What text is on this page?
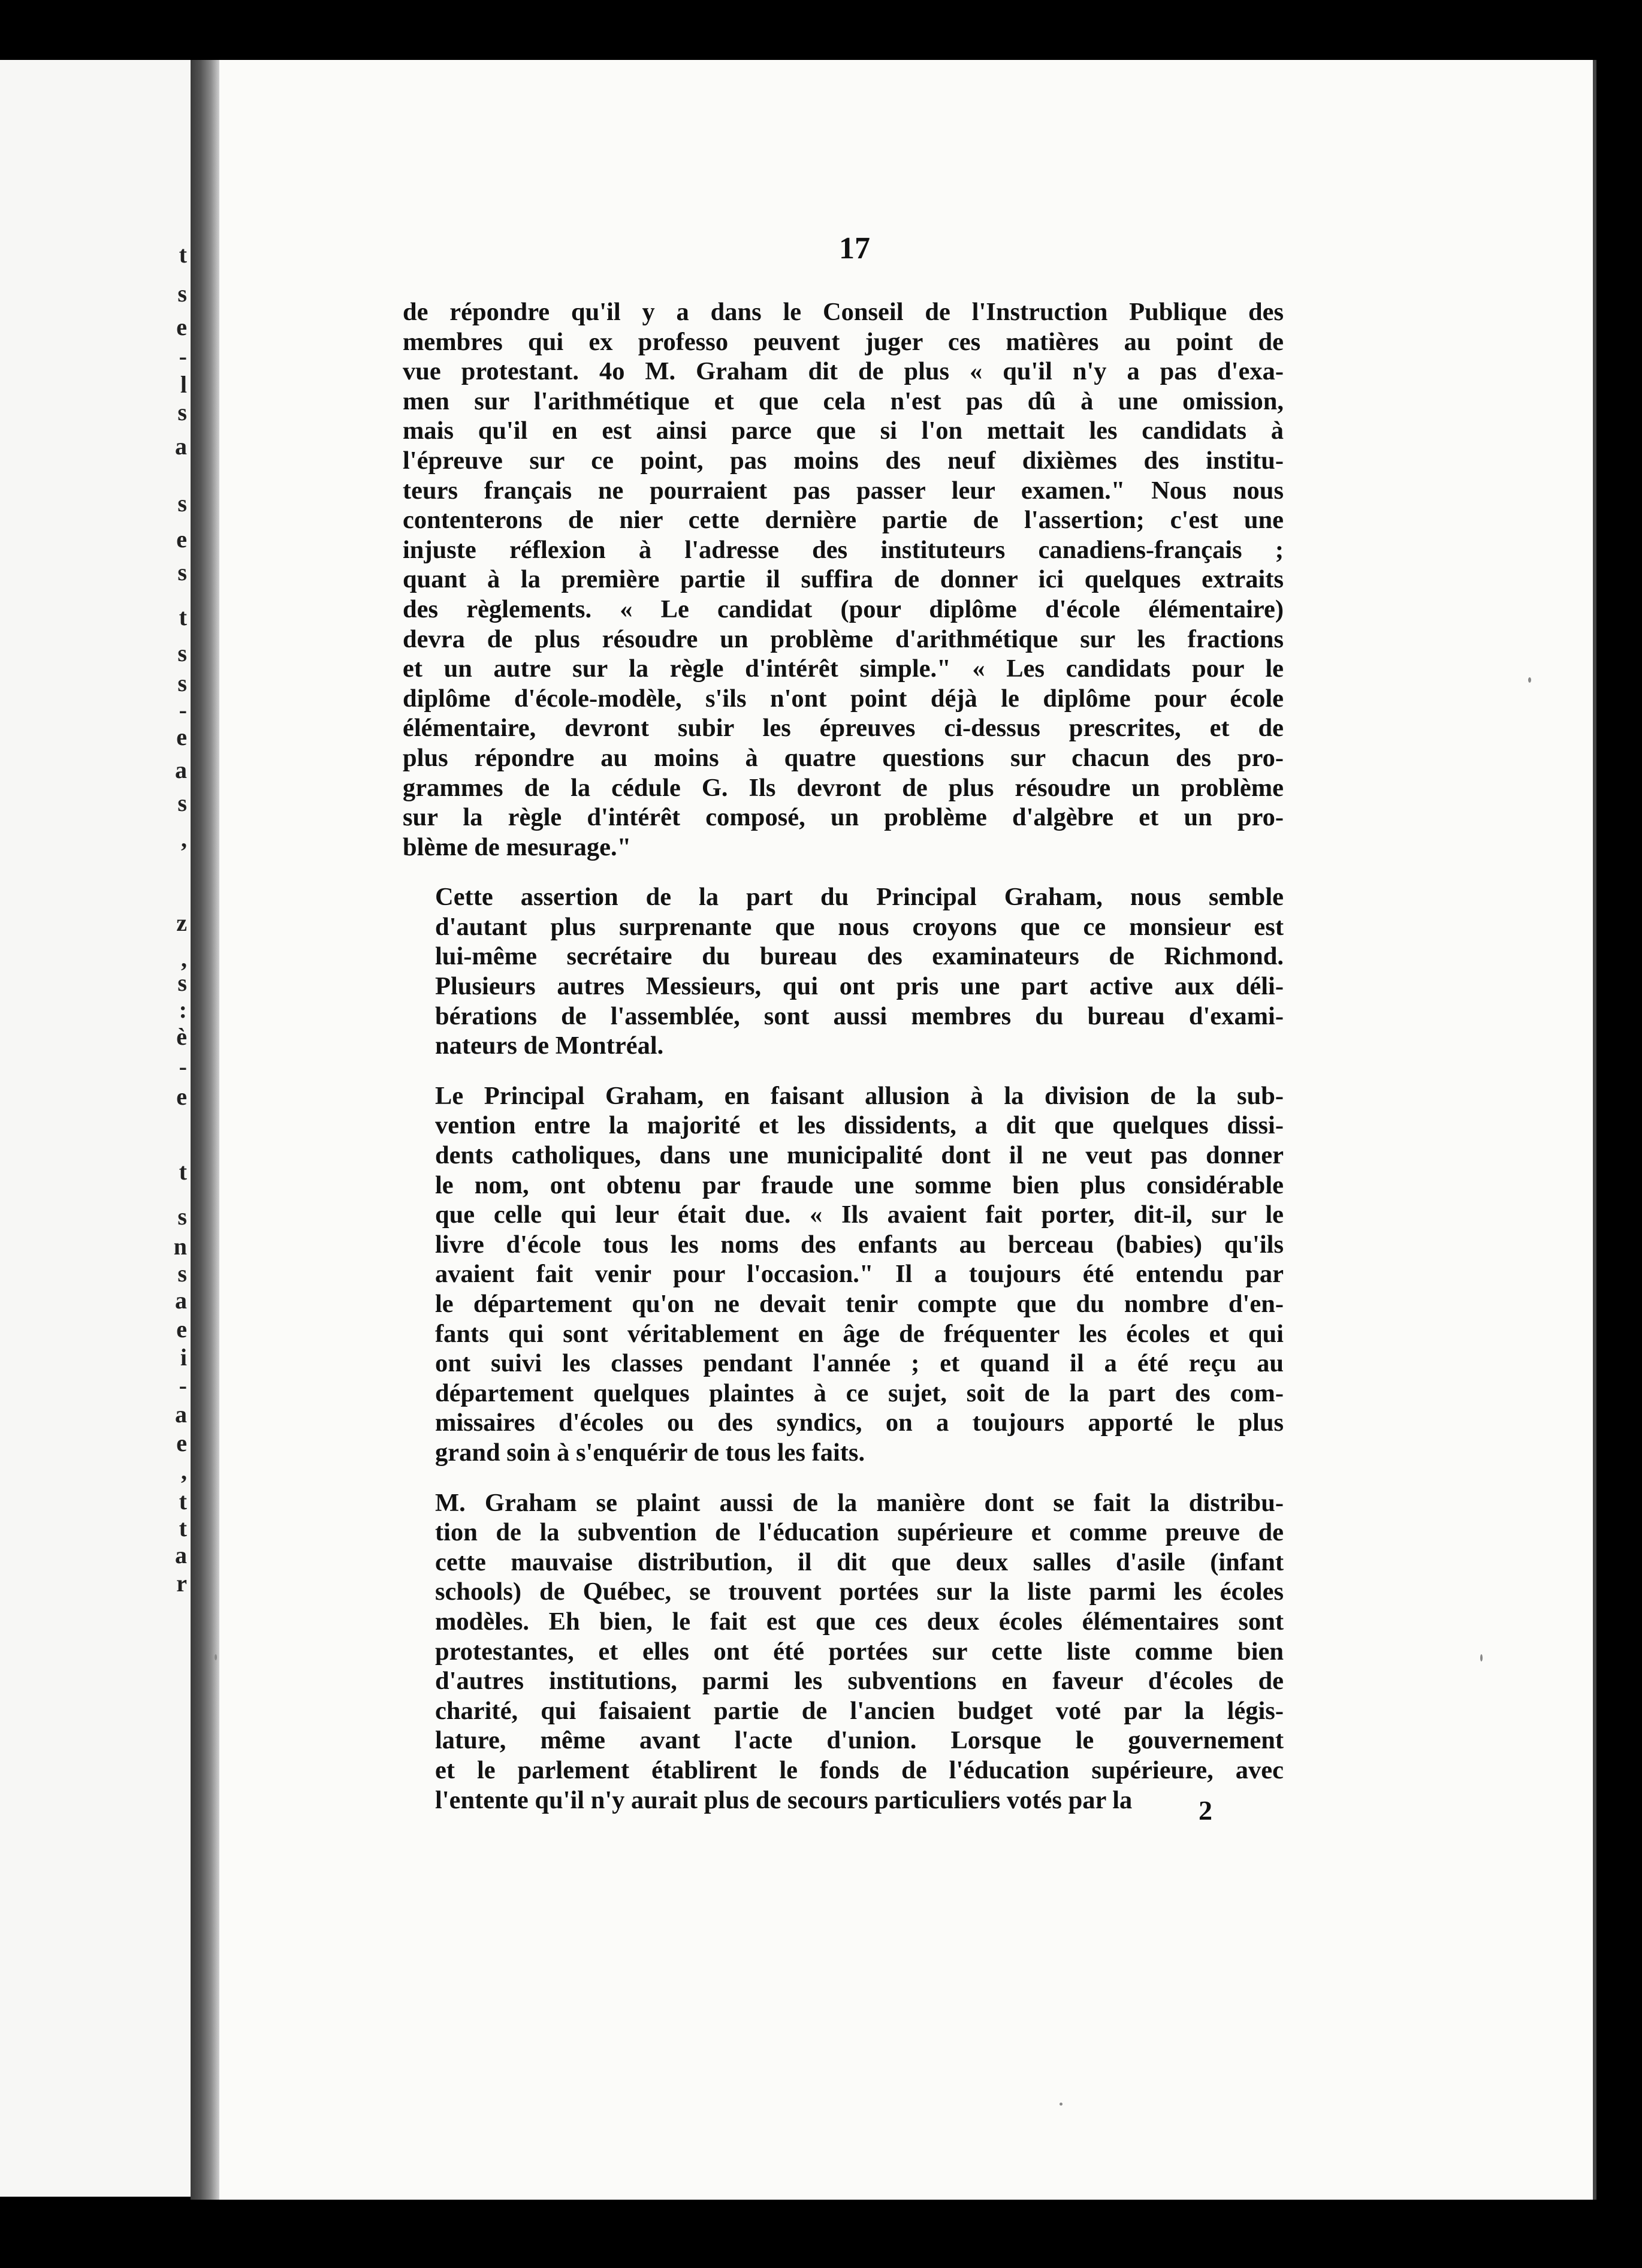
t
s
e
-
l
s
a
s
e
s
t
s
s
-
e
a
s
,
z
,
s
:
è
-
e
t
s
n
s
a
e
i
-
a
e
,
t
t
a
r
de répondre qu'il y a dans le Conseil de l'Instruction Publique des
membres qui ex professo peuvent juger ces matières au point de
vue protestant. 4o M. Graham dit de plus « qu'il n'y a pas d'exa-
men sur l'arithmétique et que cela n'est pas dû à une omission,
mais qu'il en est ainsi parce que si l'on mettait les candidats à
l'épreuve sur ce point, pas moins des neuf dixièmes des institu-
teurs français ne pourraient pas passer leur examen." Nous nous
contenterons de nier cette dernière partie de l'assertion; c'est une
injuste réflexion à l'adresse des instituteurs canadiens-français ;
quant à la première partie il suffira de donner ici quelques extraits
des règlements. « Le candidat (pour diplôme d'école élémentaire)
devra de plus résoudre un problème d'arithmétique sur les fractions
et un autre sur la règle d'intérêt simple." « Les candidats pour le
diplôme d'école-modèle, s'ils n'ont point déjà le diplôme pour école
élémentaire, devront subir les épreuves ci-dessus prescrites, et de
plus répondre au moins à quatre questions sur chacun des pro-
grammes de la cédule G. Ils devront de plus résoudre un problème
sur la règle d'intérêt composé, un problème d'algèbre et un pro-
blème de mesurage."
Cette assertion de la part du Principal Graham, nous semble
d'autant plus surprenante que nous croyons que ce monsieur est
lui-même secrétaire du bureau des examinateurs de Richmond.
Plusieurs autres Messieurs, qui ont pris une part active aux déli-
bérations de l'assemblée, sont aussi membres du bureau d'exami-
nateurs de Montréal.
Le Principal Graham, en faisant allusion à la division de la sub-
vention entre la majorité et les dissidents, a dit que quelques dissi-
dents catholiques, dans une municipalité dont il ne veut pas donner
le nom, ont obtenu par fraude une somme bien plus considérable
que celle qui leur était due. « Ils avaient fait porter, dit-il, sur le
livre d'école tous les noms des enfants au berceau (babies) qu'ils
avaient fait venir pour l'occasion." Il a toujours été entendu par
le département qu'on ne devait tenir compte que du nombre d'en-
fants qui sont véritablement en âge de fréquenter les écoles et qui
ont suivi les classes pendant l'année ; et quand il a été reçu au
département quelques plaintes à ce sujet, soit de la part des com-
missaires d'écoles ou des syndics, on a toujours apporté le plus
grand soin à s'enquérir de tous les faits.
M. Graham se plaint aussi de la manière dont se fait la distribu-
tion de la subvention de l'éducation supérieure et comme preuve de
cette mauvaise distribution, il dit que deux salles d'asile (infant
schools) de Québec, se trouvent portées sur la liste parmi les écoles
modèles. Eh bien, le fait est que ces deux écoles élémentaires sont
protestantes, et elles ont été portées sur cette liste comme bien
d'autres institutions, parmi les subventions en faveur d'écoles de
charité, qui faisaient partie de l'ancien budget voté par la légis-
lature, même avant l'acte d'union. Lorsque le gouvernement
et le parlement établirent le fonds de l'éducation supérieure, avec
l'entente qu'il n'y aurait plus de secours particuliers votés par la	2
